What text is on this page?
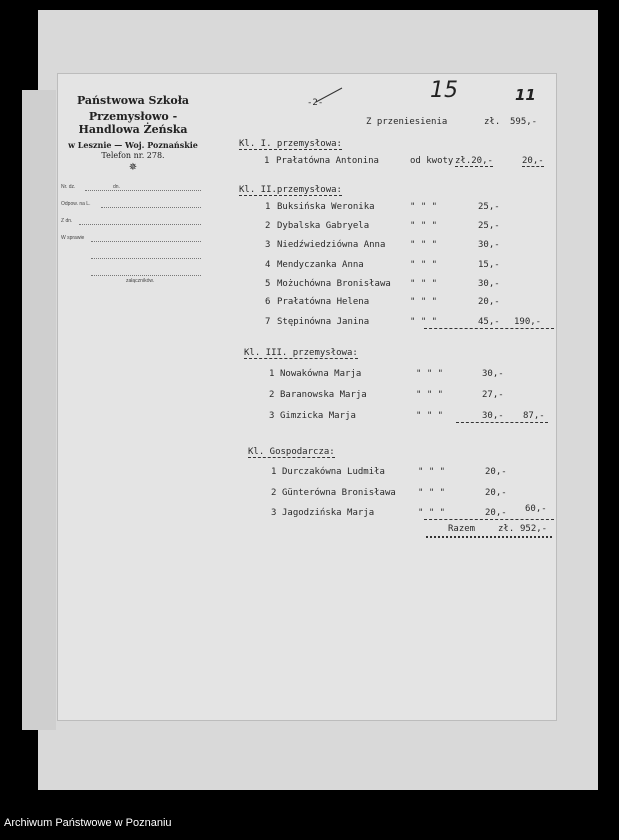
Państwowa Szkoła
Przemysłowo - Handlowa Żeńska
w Lesznie — Woj. Poznańskie
Telefon nr. 278.
✵
Nr. dz.	dn.
Odpow. na L.
Z dn.
W sprawie
załączników.
-2-	15	11
Z przeniesienia	zł. 595,-
Kl. I. przemysłowa:
1 Prałatówna Antonina	od kwoty zł.20,-	20,-
Kl. II.przemysłowa:
1 Buksińska Weronika	" " "	25,-
2 Dybalska Gabryela	" " "	25,-
3 Niedźwiedziówna Anna	" " "	30,-
4 Mendyczanka Anna	" " "	15,-
5 Możuchówna Bronisława " " "	30,-
6 Prałatówna Helena	" " "	20,-
7 Stępinówna Janina	" " "	45,- 190,-
Kl. III. przemysłowa:
1 Nowakówna Marja	" " "	30,-
2 Baranowska Marja	" " "	27,-
3 Gimzicka Marja	" " "	30,- 87,-
Kl. Gospodarcza:
1 Durczakówna Ludmiła	" " "	20,-
2 Günterówna Bronisława " " "	20,-
3 Jagodzińska Marja	" " "	20,- 60,-
Razem	zł. 952,-
Archiwum Państwowe w Poznaniu
